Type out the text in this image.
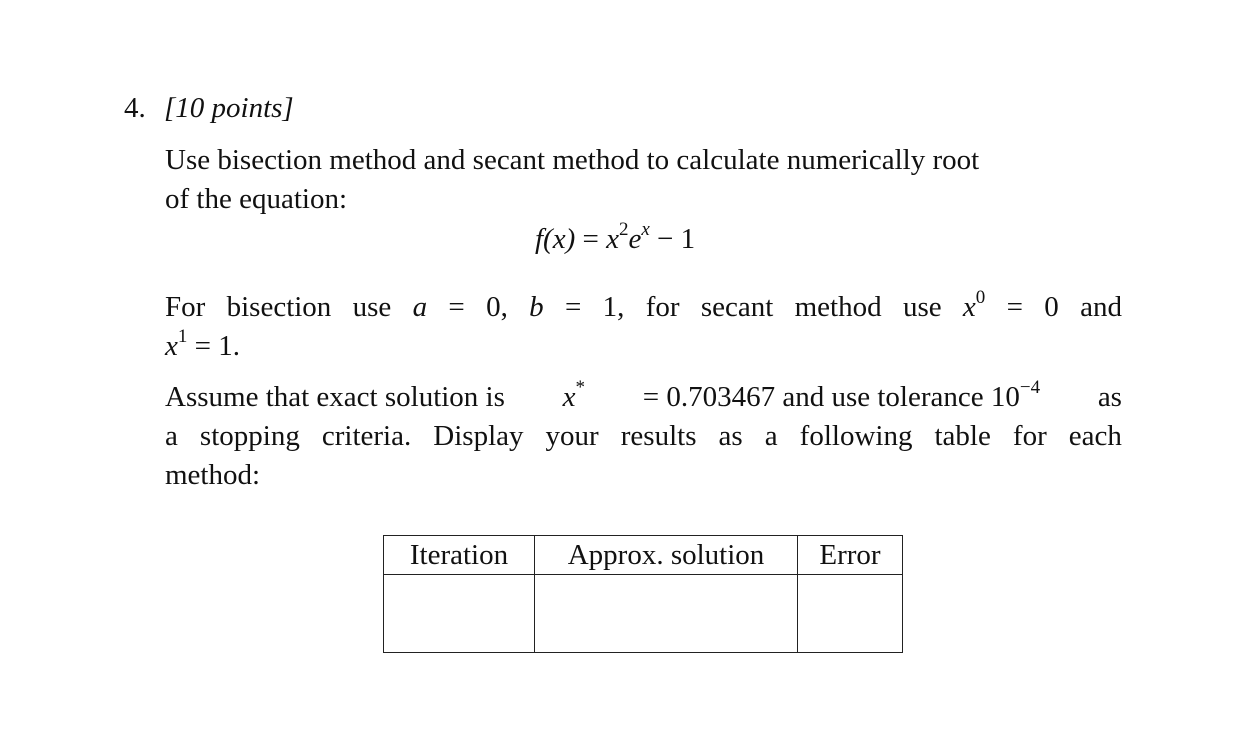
4. [10 points]
Use bisection method and secant method to calculate numerically root
of the equation:
$f(x) = x^2e^x - 1$
For bisection use a = 0, b = 1, for secant method use $x^0 = 0$ and
$x^1 = 1$.
Assume that exact solution is x* = 0.703467 and use tolerance $10^{-4}$ as
a stopping criteria. Display your results as a following table for each
method:
Iteration	Approx. solution	Error
